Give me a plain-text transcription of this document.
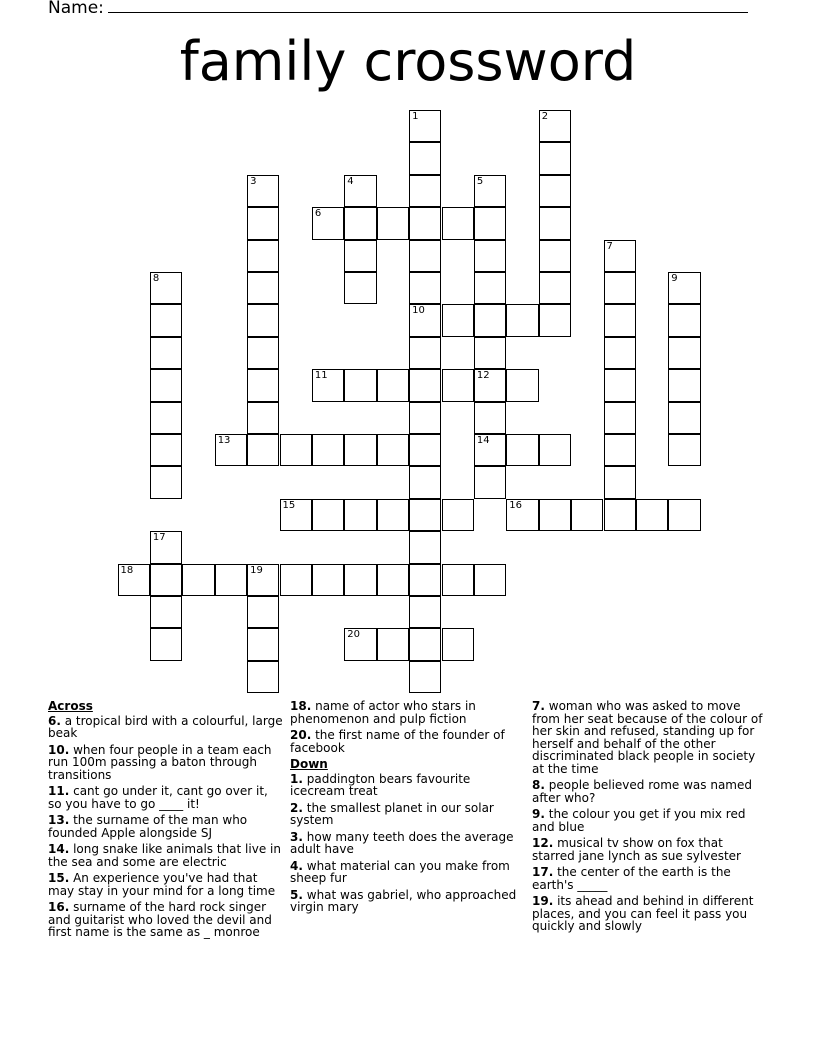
Name:
family crossword
1
10
2
3	4	5
12
14
6
7
8	9
11
13
15	16
17
18	19
20
Across
6. a tropical bird with a colourful, large beak
10. when four people in a team each run 100m passing a baton through transitions
11. cant go under it, cant go over it, so you have to go ____ it!
13. the surname of the man who founded Apple alongside SJ
14. long snake like animals that live in the sea and some are electric
15. An experience you've had that may stay in your mind for a long time
16. surname of the hard rock singer and guitarist who loved the devil and first name is the same as _ monroe
18. name of actor who stars in phenomenon and pulp fiction
20. the first name of the founder of facebook
Down
1. paddington bears favourite icecream treat
2. the smallest planet in our solar system
3. how many teeth does the average adult have
4. what material can you make from sheep fur
5. what was gabriel, who approached virgin mary
7. woman who was asked to move from her seat because of the colour of her skin and refused, standing up for herself and behalf of the other discriminated black people in society at the time
8. people believed rome was named after who?
9. the colour you get if you mix red and blue
12. musical tv show on fox that starred jane lynch as sue sylvester
17. the center of the earth is the earth's _____
19. its ahead and behind in different places, and you can feel it pass you quickly and slowly
